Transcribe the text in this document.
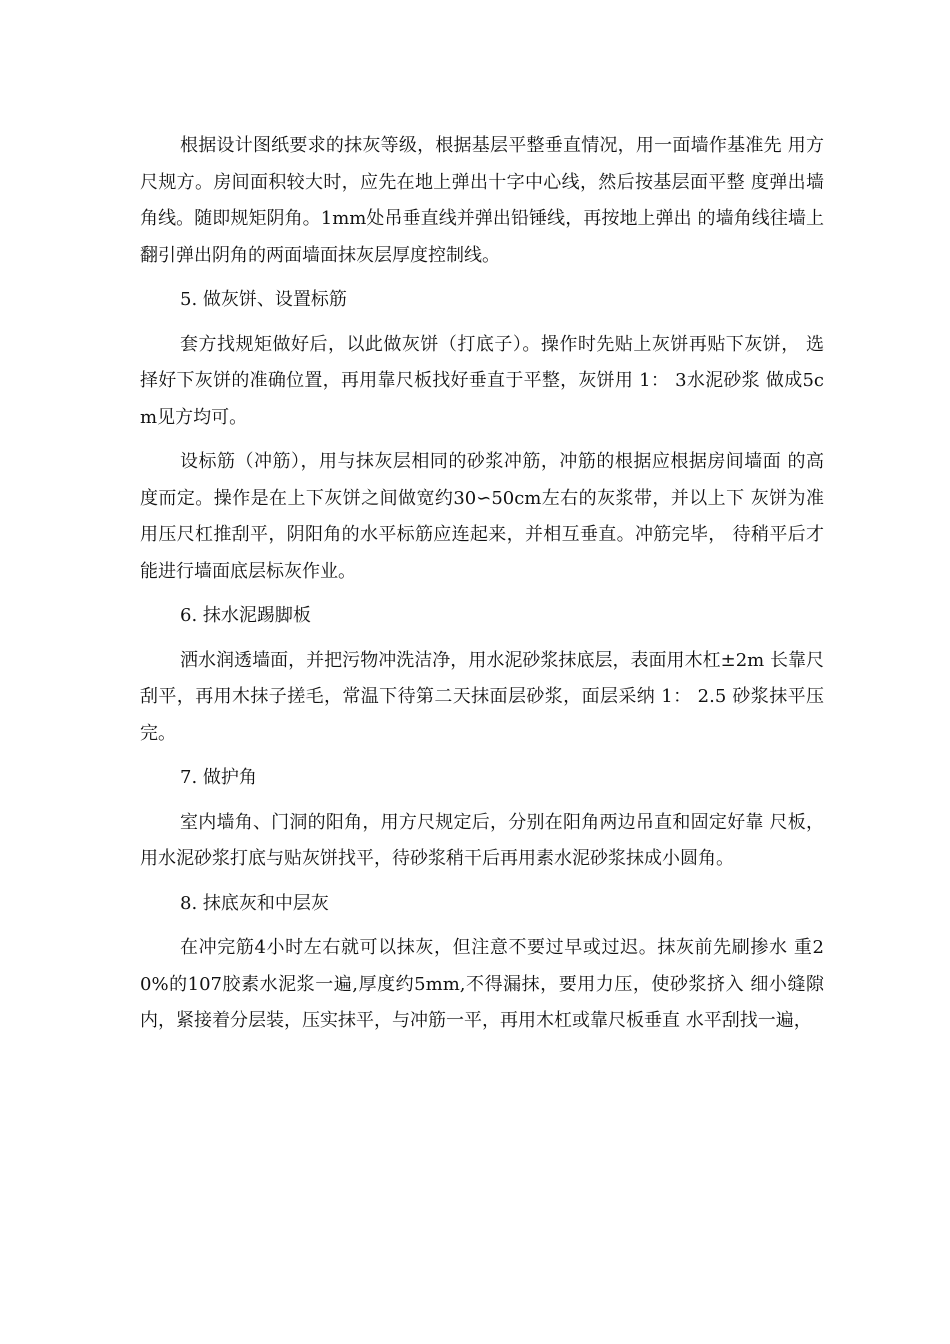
根据设计图纸要求的抹灰等级，根据基层平整垂直情况，用一面墙作基准先 用方尺规方。房间面积较大时，应先在地上弹出十字中心线，然后按基层面平整 度弹出墙角线。随即规矩阴角。1mm处吊垂直线并弹出铅锤线，再按地上弹出 的墙角线往墙上翻引弹出阴角的两面墙面抹灰层厚度控制线。

5. 做灰饼、设置标筋

套方找规矩做好后，以此做灰饼（打底子）。操作时先贴上灰饼再贴下灰饼， 选择好下灰饼的准确位置，再用靠尺板找好垂直于平整，灰饼用 1： 3水泥砂浆 做成5cm见方均可。

设标筋（冲筋），用与抹灰层相同的砂浆冲筋，冲筋的根据应根据房间墙面 的高度而定。操作是在上下灰饼之间做宽约30∽50cm左右的灰浆带，并以上下 灰饼为准用压尺杠推刮平，阴阳角的水平标筋应连起来，并相互垂直。冲筋完毕， 待稍平后才能进行墙面底层标灰作业。

6. 抹水泥踢脚板

洒水润透墙面，并把污物冲洗洁净，用水泥砂浆抹底层，表面用木杠±2m 长靠尺刮平，再用木抹子搓毛，常温下待第二天抹面层砂浆，面层采纳 1： 2.5 砂浆抹平压完。

7. 做护角

室内墙角、门洞的阳角，用方尺规定后，分别在阳角两边吊直和固定好靠 尺板，用水泥砂浆打底与贴灰饼找平，待砂浆稍干后再用素水泥砂浆抹成小圆角。

8. 抹底灰和中层灰

在冲完筋4小时左右就可以抹灰，但注意不要过早或过迟。抹灰前先刷掺水 重20%的107胶素水泥浆一遍,厚度约5mm,不得漏抹，要用力压，使砂浆挤入 细小缝隙内，紧接着分层装，压实抹平，与冲筋一平，再用木杠或靠尺板垂直 水平刮找一遍，
